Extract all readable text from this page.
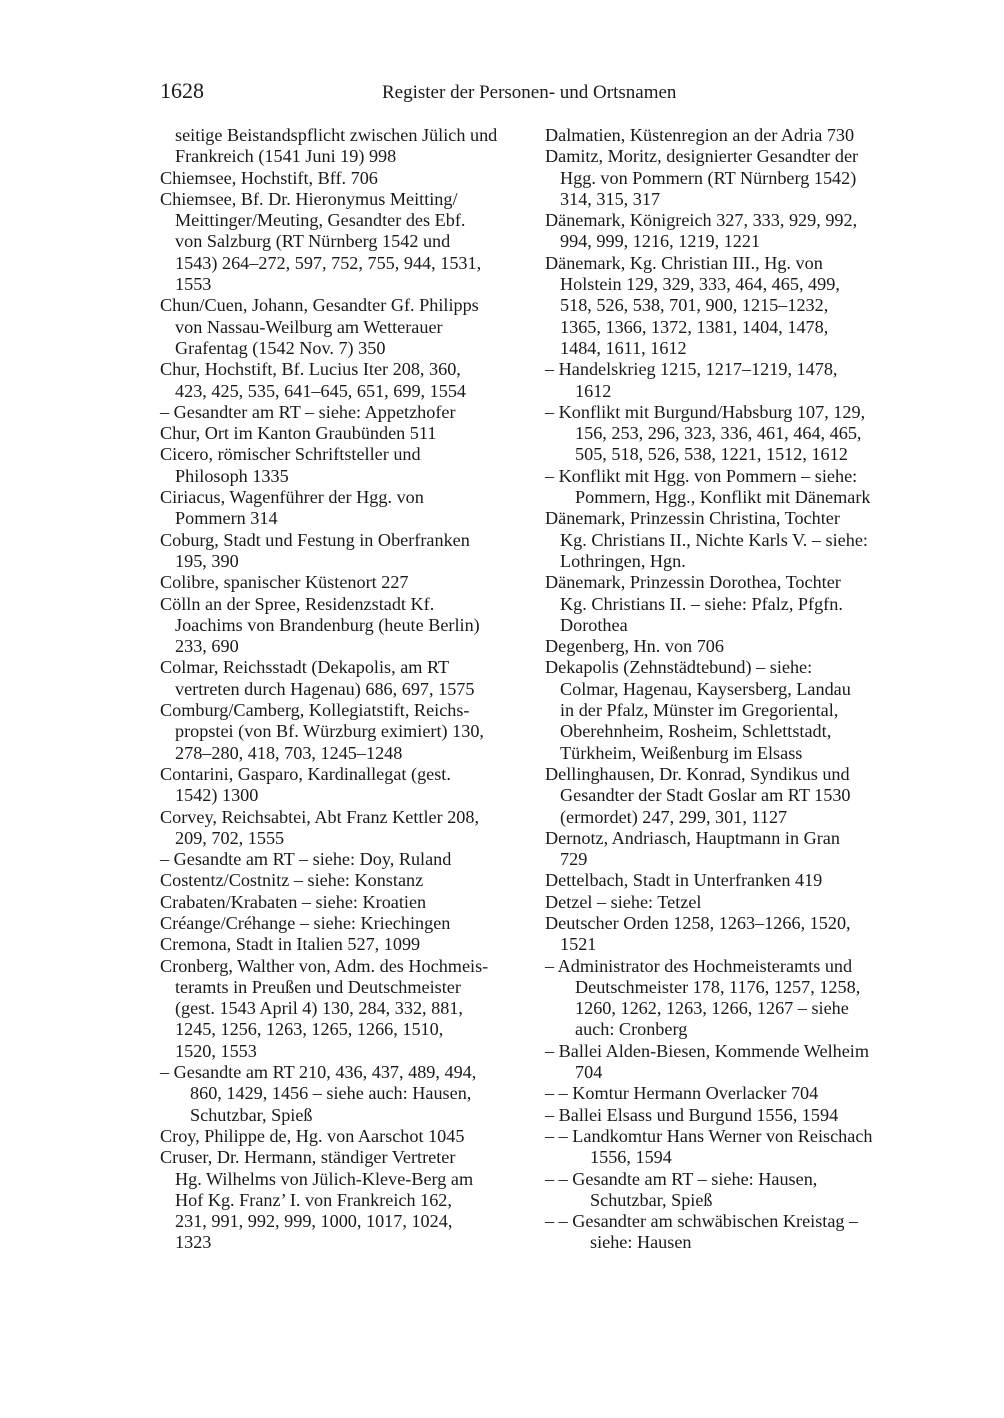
1628	Register der Personen- und Ortsnamen

seitige Beistandspflicht zwischen Jülich und
Frankreich (1541 Juni 19) 998

Chiemsee, Hochstift, Bff. 706

Chiemsee, Bf. Dr. Hieronymus Meitting/
Meittinger/Meuting, Gesandter des Ebf.
von Salzburg (RT Nürnberg 1542 und
1543) 264–272, 597, 752, 755, 944, 1531,
1553

Chun/Cuen, Johann, Gesandter Gf. Philipps
von Nassau-Weilburg am Wetterauer
Grafentag (1542 Nov. 7) 350

Chur, Hochstift, Bf. Lucius Iter 208, 360,
423, 425, 535, 641–645, 651, 699, 1554

– Gesandter am RT – siehe: Appetzhofer

Chur, Ort im Kanton Graubünden 511

Cicero, römischer Schriftsteller und
Philosoph 1335

Ciriacus, Wagenführer der Hgg. von
Pommern 314

Coburg, Stadt und Festung in Oberfranken
195, 390

Colibre, spanischer Küstenort 227

Cölln an der Spree, Residenzstadt Kf.
Joachims von Brandenburg (heute Berlin)
233, 690

Colmar, Reichsstadt (Dekapolis, am RT
vertreten durch Hagenau) 686, 697, 1575

Comburg/Camberg, Kollegiatstift, Reichs-
propstei (von Bf. Würzburg eximiert) 130,
278–280, 418, 703, 1245–1248

Contarini, Gasparo, Kardinallegat (gest.
1542) 1300

Corvey, Reichsabtei, Abt Franz Kettler 208,
209, 702, 1555

– Gesandte am RT – siehe: Doy, Ruland

Costentz/Costnitz – siehe: Konstanz

Crabaten/Krabaten – siehe: Kroatien

Créange/Créhange – siehe: Kriechingen

Cremona, Stadt in Italien 527, 1099

Cronberg, Walther von, Adm. des Hochmeis-
teramts in Preußen und Deutschmeister
(gest. 1543 April 4) 130, 284, 332, 881,
1245, 1256, 1263, 1265, 1266, 1510,
1520, 1553

– Gesandte am RT 210, 436, 437, 489, 494,
860, 1429, 1456 – siehe auch: Hausen,
Schutzbar, Spieß

Croy, Philippe de, Hg. von Aarschot 1045

Cruser, Dr. Hermann, ständiger Vertreter
Hg. Wilhelms von Jülich-Kleve-Berg am
Hof Kg. Franz’ I. von Frankreich 162,
231, 991, 992, 999, 1000, 1017, 1024,
1323

Dalmatien, Küstenregion an der Adria 730

Damitz, Moritz, designierter Gesandter der
Hgg. von Pommern (RT Nürnberg 1542)
314, 315, 317

Dänemark, Königreich 327, 333, 929, 992,
994, 999, 1216, 1219, 1221

Dänemark, Kg. Christian III., Hg. von
Holstein 129, 329, 333, 464, 465, 499,
518, 526, 538, 701, 900, 1215–1232,
1365, 1366, 1372, 1381, 1404, 1478,
1484, 1611, 1612

– Handelskrieg 1215, 1217–1219, 1478,
1612

– Konflikt mit Burgund/Habsburg 107, 129,
156, 253, 296, 323, 336, 461, 464, 465,
505, 518, 526, 538, 1221, 1512, 1612

– Konflikt mit Hgg. von Pommern – siehe:
Pommern, Hgg., Konflikt mit Dänemark

Dänemark, Prinzessin Christina, Tochter
Kg. Christians II., Nichte Karls V. – siehe:
Lothringen, Hgn.

Dänemark, Prinzessin Dorothea, Tochter
Kg. Christians II. – siehe: Pfalz, Pfgfn.
Dorothea

Degenberg, Hn. von 706

Dekapolis (Zehnstädtebund) – siehe:
Colmar, Hagenau, Kaysersberg, Landau
in der Pfalz, Münster im Gregoriental,
Oberehnheim, Rosheim, Schlettstadt,
Türkheim, Weißenburg im Elsass

Dellinghausen, Dr. Konrad, Syndikus und
Gesandter der Stadt Goslar am RT 1530
(ermordet) 247, 299, 301, 1127

Dernotz, Andriasch, Hauptmann in Gran
729

Dettelbach, Stadt in Unterfranken 419

Detzel – siehe: Tetzel

Deutscher Orden 1258, 1263–1266, 1520,
1521

– Administrator des Hochmeisteramts und
Deutschmeister 178, 1176, 1257, 1258,
1260, 1262, 1263, 1266, 1267 – siehe
auch: Cronberg

– Ballei Alden-Biesen, Kommende Welheim
704

– – Komtur Hermann Overlacker 704

– Ballei Elsass und Burgund 1556, 1594

– – Landkomtur Hans Werner von Reischach
1556, 1594

– – Gesandte am RT – siehe: Hausen,
Schutzbar, Spieß

– – Gesandter am schwäbischen Kreistag –
siehe: Hausen
